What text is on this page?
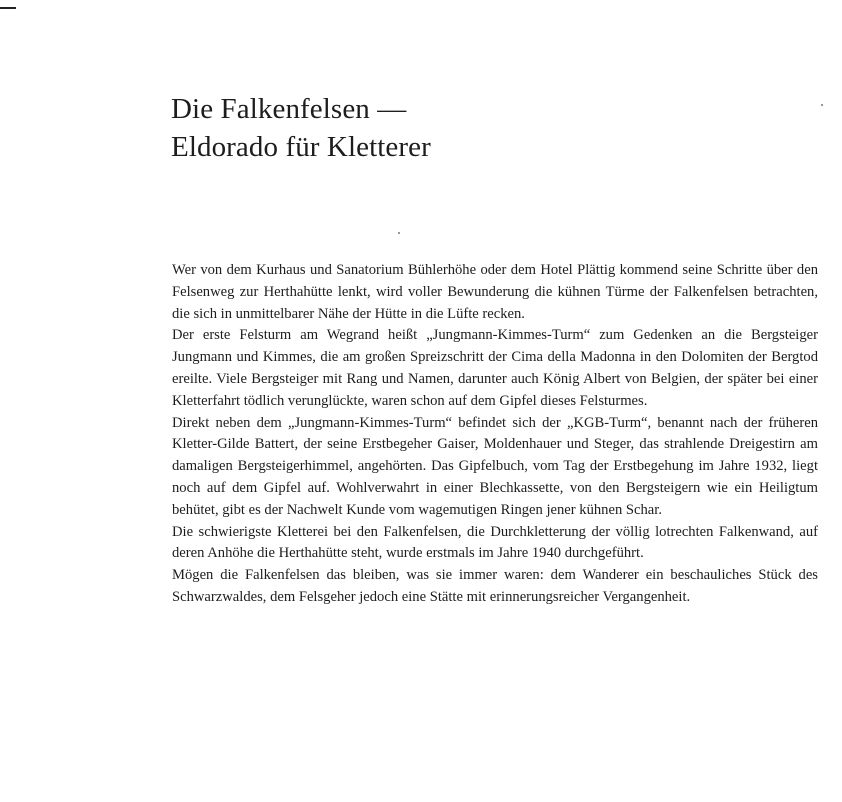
Die Falkenfelsen —
Eldorado für Kletterer

Wer von dem Kurhaus und Sanatorium Bühlerhöhe oder dem Hotel Plättig kommend seine Schritte über den Felsenweg zur Herthahütte lenkt, wird voller Bewunderung die kühnen Türme der Falkenfelsen betrachten, die sich in unmittelbarer Nähe der Hütte in die Lüfte recken.

Der erste Felsturm am Wegrand heißt „Jungmann-Kimmes-Turm“ zum Gedenken an die Bergsteiger Jungmann und Kimmes, die am großen Spreizschritt der Cima della Madonna in den Dolomiten der Bergtod ereilte. Viele Bergsteiger mit Rang und Namen, darunter auch König Albert von Belgien, der später bei einer Kletterfahrt tödlich verunglückte, waren schon auf dem Gipfel dieses Felsturmes.

Direkt neben dem „Jungmann-Kimmes-Turm“ befindet sich der „KGB-Turm“, benannt nach der früheren Kletter-Gilde Battert, der seine Erstbegeher Gaiser, Moldenhauer und Steger, das strahlende Dreigestirn am damaligen Bergsteigerhimmel, angehörten. Das Gipfelbuch, vom Tag der Erstbegehung im Jahre 1932, liegt noch auf dem Gipfel auf. Wohlverwahrt in einer Blechkassette, von den Bergsteigern wie ein Heiligtum behütet, gibt es der Nachwelt Kunde vom wagemutigen Ringen jener kühnen Schar.

Die schwierigste Kletterei bei den Falkenfelsen, die Durchkletterung der völlig lotrechten Falkenwand, auf deren Anhöhe die Herthahütte steht, wurde erstmals im Jahre 1940 durchgeführt.

Mögen die Falkenfelsen das bleiben, was sie immer waren: dem Wanderer ein beschauliches Stück des Schwarzwaldes, dem Felsgeher jedoch eine Stätte mit erinnerungsreicher Vergangenheit.
